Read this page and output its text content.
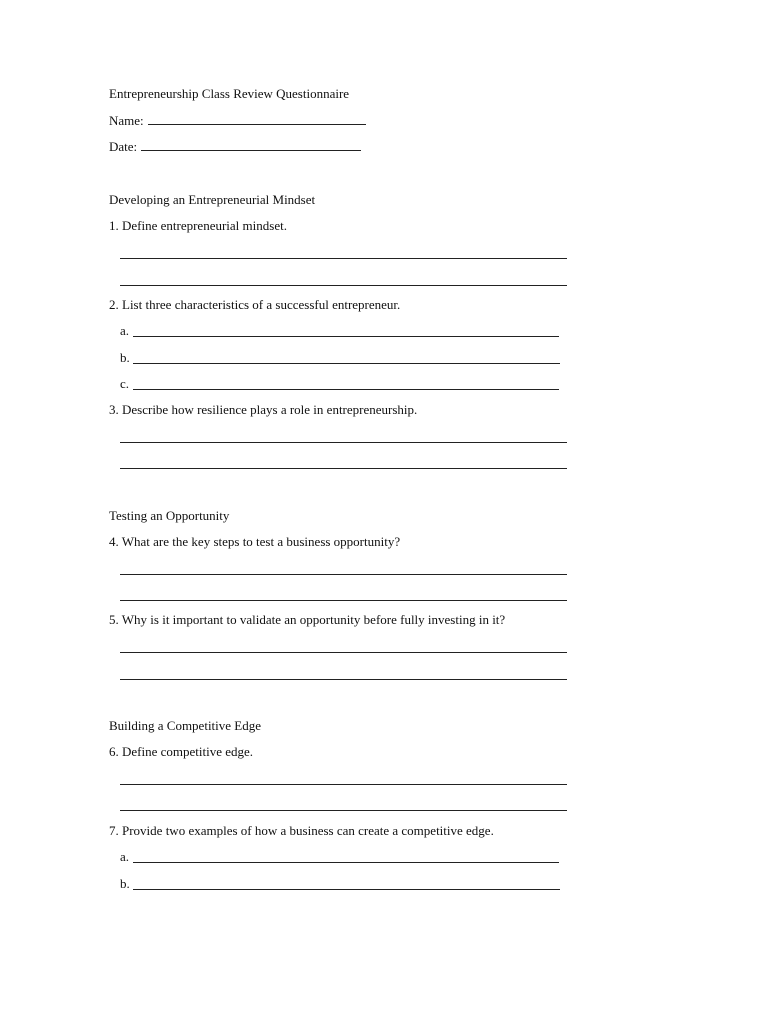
Entrepreneurship Class Review Questionnaire
Name:
Date:
Developing an Entrepreneurial Mindset
1. Define entrepreneurial mindset.
2. List three characteristics of a successful entrepreneur.
a.
b.
c.
3. Describe how resilience plays a role in entrepreneurship.
Testing an Opportunity
4. What are the key steps to test a business opportunity?
5. Why is it important to validate an opportunity before fully investing in it?
Building a Competitive Edge
6. Define competitive edge.
7. Provide two examples of how a business can create a competitive edge.
a.
b.
